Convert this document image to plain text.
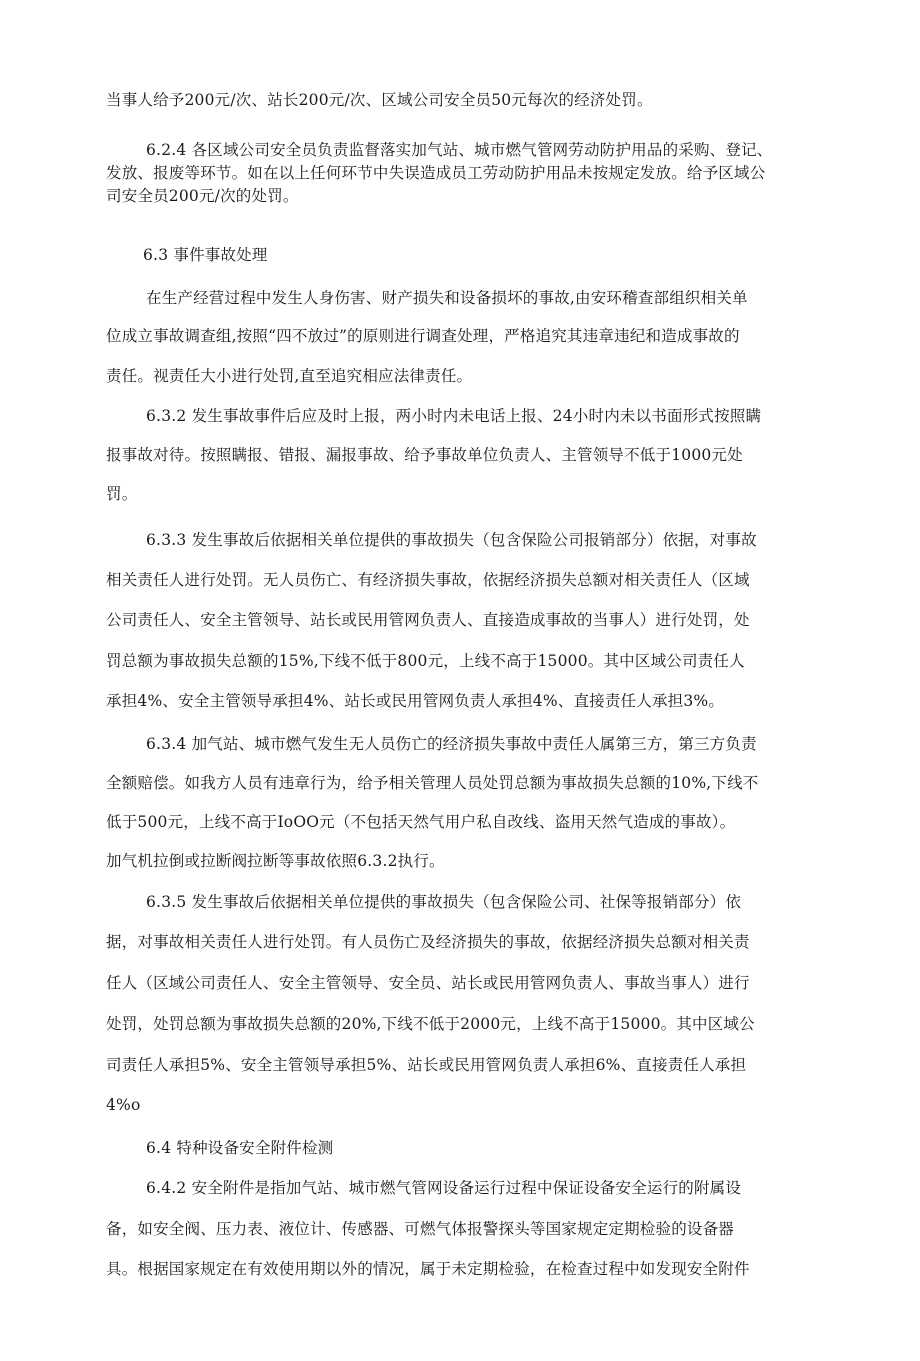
当事人给予200元/次、站长200元/次、区域公司安全员50元每次的经济处罚。
6.2.4 各区域公司安全员负责监督落实加气站、城市燃气管网劳动防护用品的采购、登记、
发放、报废等环节。如在以上任何环节中失误造成员工劳动防护用品未按规定发放。给予区域公
司安全员200元/次的处罚。
6.3 事件事故处理
在生产经营过程中发生人身伤害、财产损失和设备损坏的事故,由安环稽查部组织相关单
位成立事故调查组,按照“四不放过”的原则进行调查处理，严格追究其违章违纪和造成事故的
责任。视责任大小进行处罚,直至追究相应法律责任。
6.3.2 发生事故事件后应及时上报，两小时内未电话上报、24小时内未以书面形式按照瞒
报事故对待。按照瞒报、错报、漏报事故、给予事故单位负责人、主管领导不低于1000元处
罚。
6.3.3 发生事故后依据相关单位提供的事故损失（包含保险公司报销部分）依据，对事故
相关责任人进行处罚。无人员伤亡、有经济损失事故，依据经济损失总额对相关责任人（区域
公司责任人、安全主管领导、站长或民用管网负责人、直接造成事故的当事人）进行处罚，处
罚总额为事故损失总额的15%,下线不低于800元，上线不高于15000。其中区域公司责任人
承担4%、安全主管领导承担4%、站长或民用管网负责人承担4%、直接责任人承担3%。
6.3.4 加气站、城市燃气发生无人员伤亡的经济损失事故中责任人属第三方，第三方负责
全额赔偿。如我方人员有违章行为，给予相关管理人员处罚总额为事故损失总额的10%,下线不
低于500元，上线不高于IoOO元（不包括天然气用户私自改线、盗用天然气造成的事故）。
加气机拉倒或拉断阀拉断等事故依照6.3.2执行。
6.3.5 发生事故后依据相关单位提供的事故损失（包含保险公司、社保等报销部分）依
据，对事故相关责任人进行处罚。有人员伤亡及经济损失的事故，依据经济损失总额对相关责
任人（区域公司责任人、安全主管领导、安全员、站长或民用管网负责人、事故当事人）进行
处罚，处罚总额为事故损失总额的20%,下线不低于2000元，上线不高于15000。其中区域公
司责任人承担5%、安全主管领导承担5%、站长或民用管网负责人承担6%、直接责任人承担
4%o
6.4 特种设备安全附件检测
6.4.2 安全附件是指加气站、城市燃气管网设备运行过程中保证设备安全运行的附属设
备，如安全阀、压力表、液位计、传感器、可燃气体报警探头等国家规定定期检验的设备器
具。根据国家规定在有效使用期以外的情况，属于未定期检验，在检查过程中如发现安全附件
